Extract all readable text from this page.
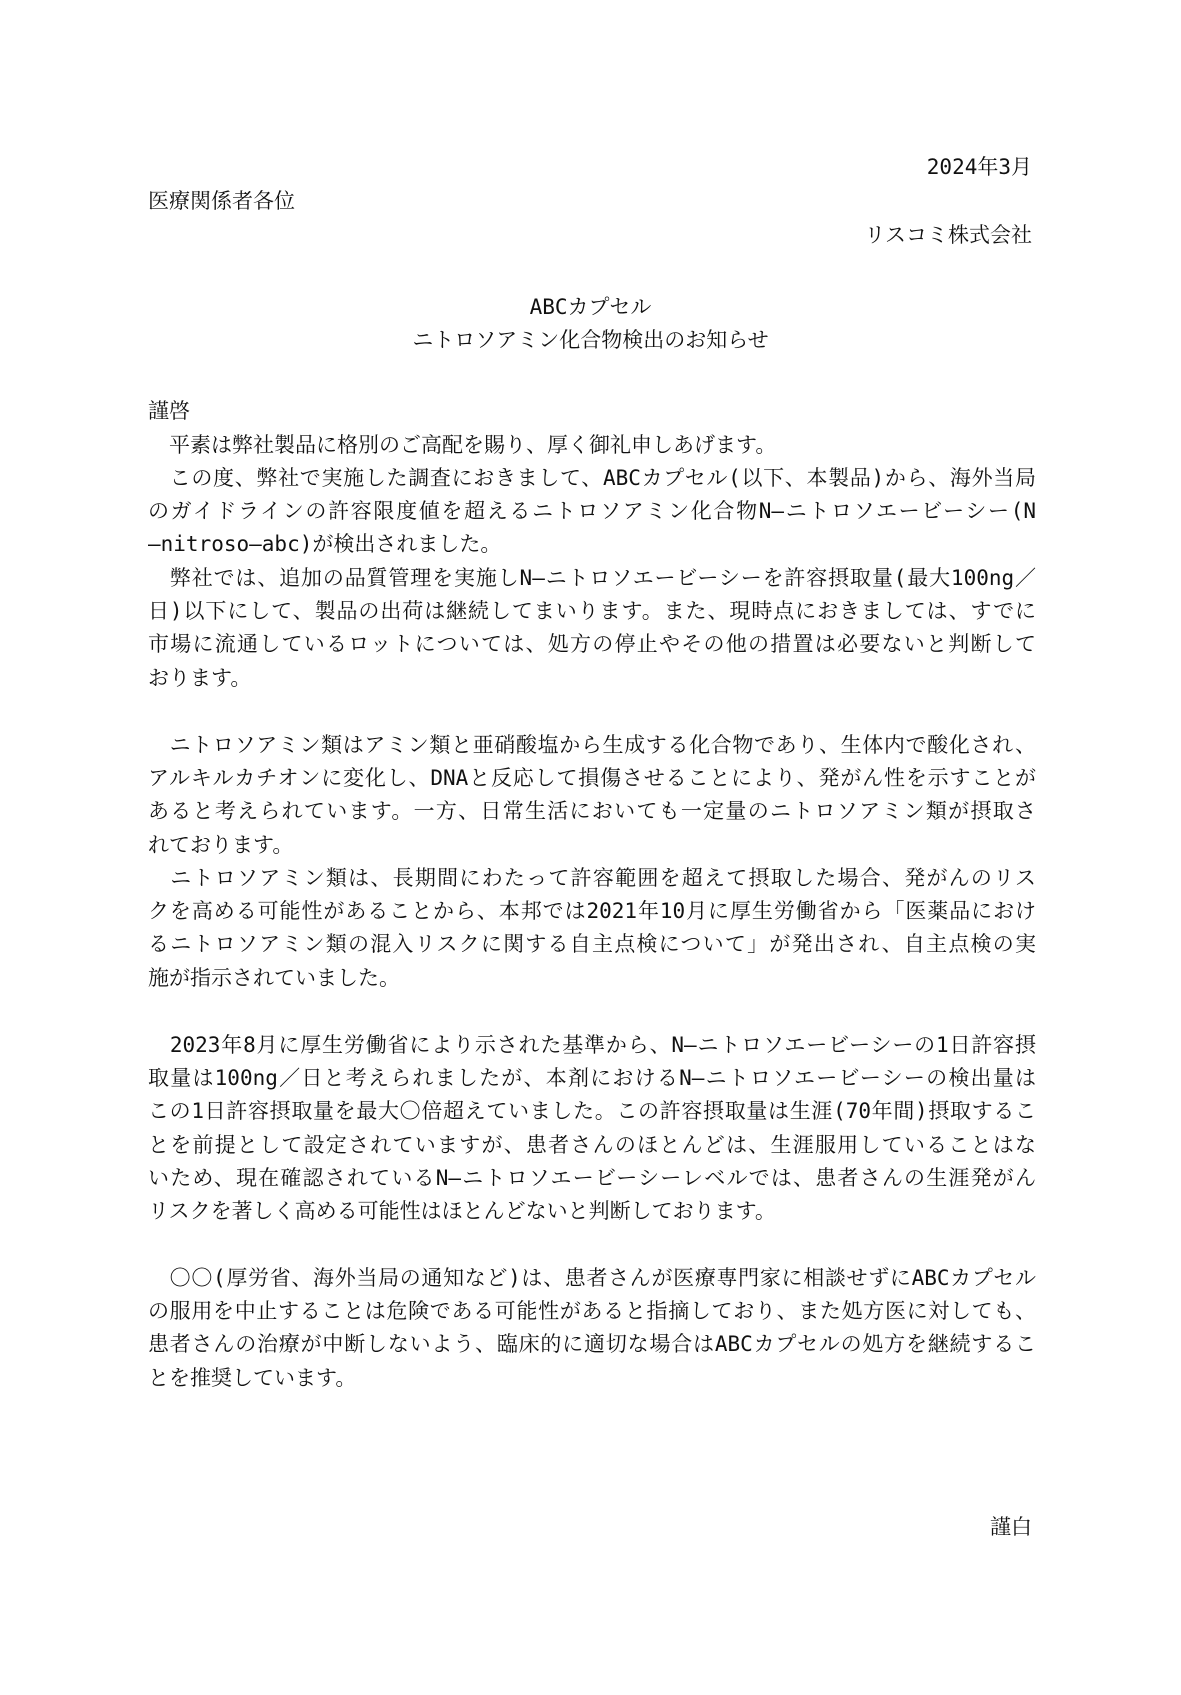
2024年3月
医療関係者各位
リスコミ株式会社
ABCカプセル
ニトロソアミン化合物検出のお知らせ
謹啓
　平素は弊社製品に格別のご高配を賜り、厚く御礼申しあげます。
　この度、弊社で実施した調査におきまして、ABCカプセル(以下、本製品)から、海外当局
のガイドラインの許容限度値を超えるニトロソアミン化合物N―ニトロソエービーシー(N
―nitroso―abc)が検出されました。
　弊社では、追加の品質管理を実施しN―ニトロソエービーシーを許容摂取量(最大100ng／
日)以下にして、製品の出荷は継続してまいります。また、現時点におきましては、すでに
市場に流通しているロットについては、処方の停止やその他の措置は必要ないと判断して
おります。
　ニトロソアミン類はアミン類と亜硝酸塩から生成する化合物であり、生体内で酸化され、
アルキルカチオンに変化し、DNAと反応して損傷させることにより、発がん性を示すことが
あると考えられています。一方、日常生活においても一定量のニトロソアミン類が摂取さ
れております。
　ニトロソアミン類は、長期間にわたって許容範囲を超えて摂取した場合、発がんのリス
クを高める可能性があることから、本邦では2021年10月に厚生労働省から「医薬品におけ
るニトロソアミン類の混入リスクに関する自主点検について」が発出され、自主点検の実
施が指示されていました。
　2023年8月に厚生労働省により示された基準から、N―ニトロソエービーシーの1日許容摂
取量は100ng／日と考えられましたが、本剤におけるN―ニトロソエービーシーの検出量は
この1日許容摂取量を最大〇倍超えていました。この許容摂取量は生涯(70年間)摂取するこ
とを前提として設定されていますが、患者さんのほとんどは、生涯服用していることはな
いため、現在確認されているN―ニトロソエービーシーレベルでは、患者さんの生涯発がん
リスクを著しく高める可能性はほとんどないと判断しております。
　〇〇(厚労省、海外当局の通知など)は、患者さんが医療専門家に相談せずにABCカプセル
の服用を中止することは危険である可能性があると指摘しており、また処方医に対しても、
患者さんの治療が中断しないよう、臨床的に適切な場合はABCカプセルの処方を継続するこ
とを推奨しています。
謹白
